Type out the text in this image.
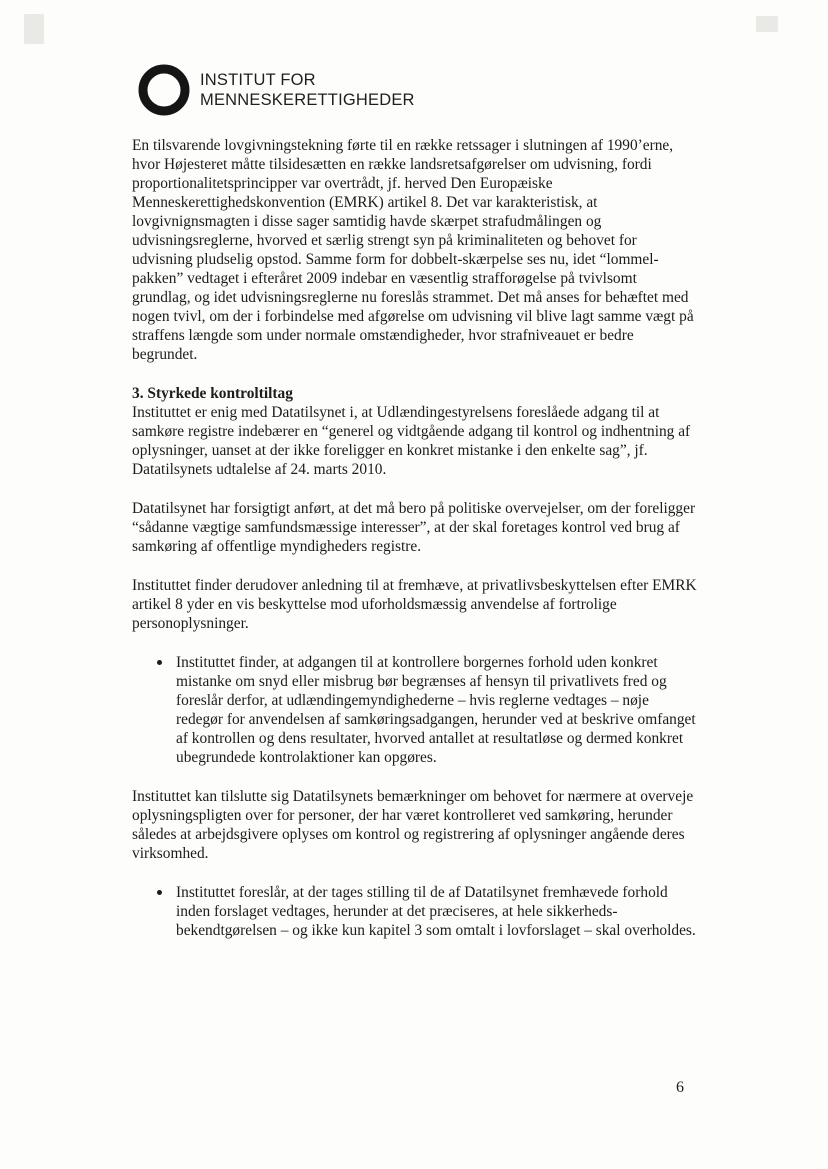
INSTITUT FOR
MENNESKERETTIGHEDER

En tilsvarende lovgivningstekning førte til en række retssager i slutningen af 1990’erne, hvor Højesteret måtte tilsidesætten en række landsretsafgørelser om udvisning, fordi proportionalitetsprincipper var overtrådt, jf. herved Den Europæiske Menneskerettighedskonvention (EMRK) artikel 8. Det var karakteristisk, at lovgivnignsmagten i disse sager samtidig havde skærpet strafudmålingen og udvisningsreglerne, hvorved et særlig strengt syn på kriminaliteten og behovet for udvisning pludselig opstod. Samme form for dobbelt-skærpelse ses nu, idet “lommel-pakken” vedtaget i efteråret 2009 indebar en væsentlig strafforøgelse på tvivlsomt grundlag, og idet udvisningsreglerne nu foreslås strammet. Det må anses for behæftet med nogen tvivl, om der i forbindelse med afgørelse om udvisning vil blive lagt samme vægt på straffens længde som under normale omstændigheder, hvor strafniveauet er bedre begrundet.

3. Styrkede kontroltiltag

Instituttet er enig med Datatilsynet i, at Udlændingestyrelsens foreslåede adgang til at samkøre registre indebærer en “generel og vidtgående adgang til kontrol og indhentning af oplysninger, uanset at der ikke foreligger en konkret mistanke i den enkelte sag”, jf. Datatilsynets udtalelse af 24. marts 2010.

Datatilsynet har forsigtigt anført, at det må bero på politiske overvejelser, om der foreligger “sådanne vægtige samfundsmæssige interesser”, at der skal foretages kontrol ved brug af samkøring af offentlige myndigheders registre.

Instituttet finder derudover anledning til at fremhæve, at privatlivsbeskyttelsen efter EMRK artikel 8 yder en vis beskyttelse mod uforholdsmæssig anvendelse af fortrolige personoplysninger.

Instituttet finder, at adgangen til at kontrollere borgernes forhold uden konkret mistanke om snyd eller misbrug bør begrænses af hensyn til privatlivets fred og foreslår derfor, at udlændingemyndighederne – hvis reglerne vedtages – nøje redegør for anvendelsen af samkøringsadgangen, herunder ved at beskrive omfanget af kontrollen og dens resultater, hvorved antallet at resultatløse og dermed konkret ubegrundede kontrolaktioner kan opgøres.

Instituttet kan tilslutte sig Datatilsynets bemærkninger om behovet for nærmere at overveje oplysningspligten over for personer, der har været kontrolleret ved samkøring, herunder således at arbejdsgivere oplyses om kontrol og registrering af oplysninger angående deres virksomhed.

Instituttet foreslår, at der tages stilling til de af Datatilsynet fremhævede forhold inden forslaget vedtages, herunder at det præciseres, at hele sikkerheds-bekendtgørelsen – og ikke kun kapitel 3 som omtalt i lovforslaget – skal overholdes.
6
